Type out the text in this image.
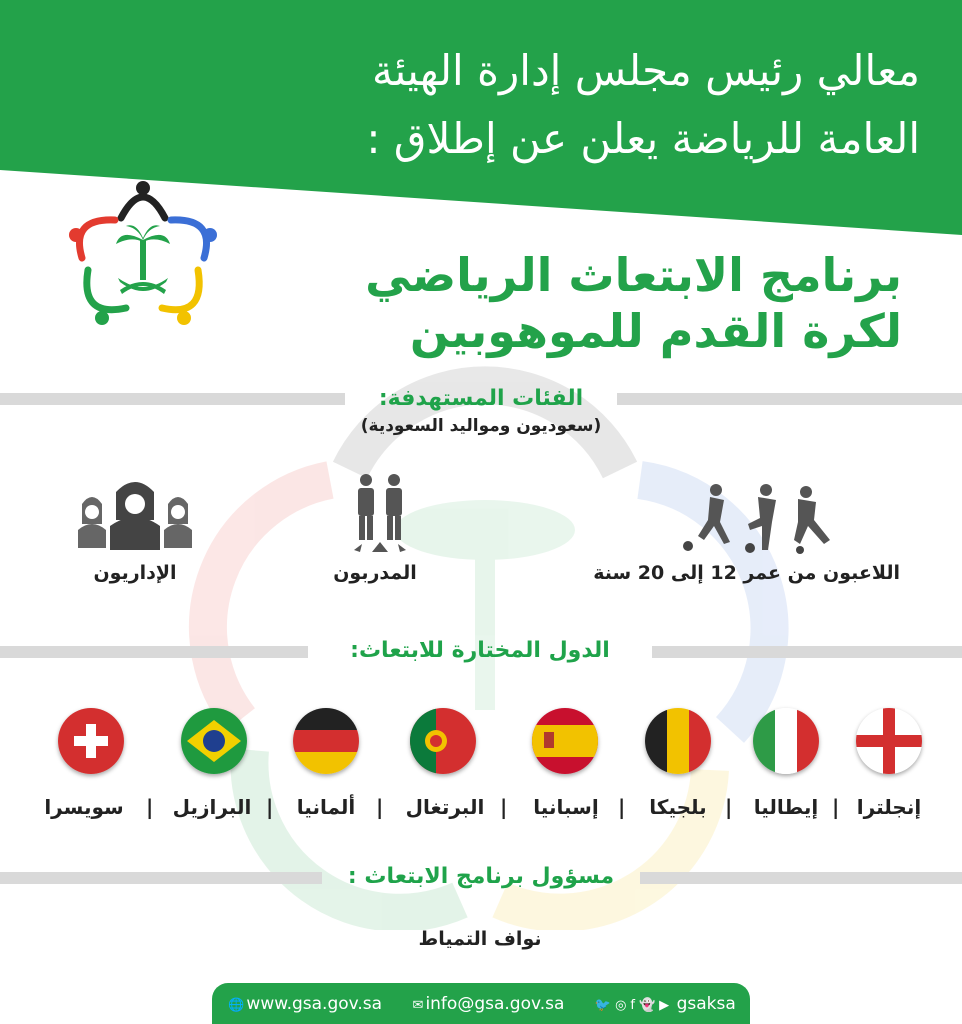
معالي رئيس مجلس إدارة الهيئة
العامة للرياضة يعلن عن إطلاق :
برنامج الابتعاث الرياضي
لكرة القدم للموهوبين
الفئات المستهدفة:
(سعوديون ومواليد السعودية)
اللاعبون من عمر 12 إلى 20 سنة
المدربون
الإداريون
الدول المختارة للابتعاث:
إنجلترا
|
إيطاليا
|
بلجيكا
|
إسبانيا
|
البرتغال
|
ألمانيا
|
البرازيل
|
سويسرا
مسؤول برنامج الابتعاث :
نواف التمياط
🌐 www.gsa.gov.sa ✉ info@gsa.gov.sa 🐦 ◎ f 👻 ▶ gsaksa
